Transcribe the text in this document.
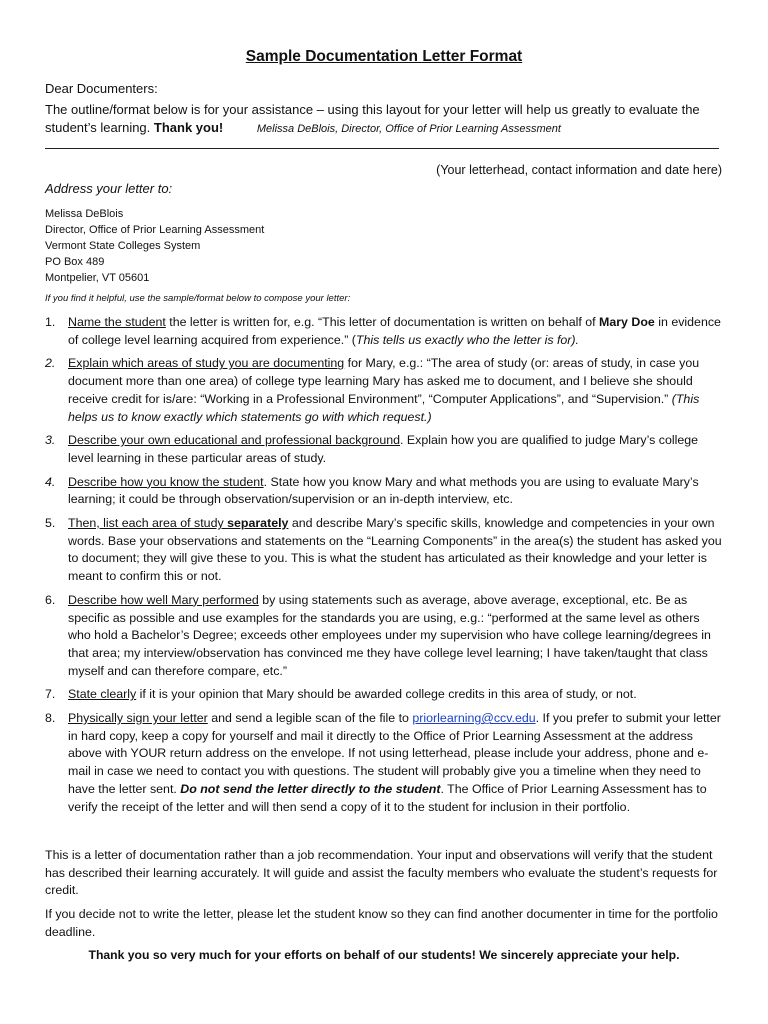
Sample Documentation Letter Format
Dear Documenters:
The outline/format below is for your assistance – using this layout for your letter will help us greatly to evaluate the student’s learning. Thank you!	Melissa DeBlois, Director, Office of Prior Learning Assessment
(Your letterhead, contact information and date here)
Address your letter to:
Melissa DeBlois
Director, Office of Prior Learning Assessment
Vermont State Colleges System
PO Box 489
Montpelier, VT 05601
If you find it helpful, use the sample/format below to compose your letter:
1. Name the student the letter is written for, e.g. “This letter of documentation is written on behalf of Mary Doe in evidence of college level learning acquired from experience.” (This tells us exactly who the letter is for).
2. Explain which areas of study you are documenting for Mary, e.g.: “The area of study (or: areas of study, in case you document more than one area) of college type learning Mary has asked me to document, and I believe she should receive credit for is/are: “Working in a Professional Environment”, “Computer Applications”, and “Supervision.” (This helps us to know exactly which statements go with which request.)
3. Describe your own educational and professional background. Explain how you are qualified to judge Mary’s college level learning in these particular areas of study.
4. Describe how you know the student. State how you know Mary and what methods you are using to evaluate Mary’s learning; it could be through observation/supervision or an in-depth interview, etc.
5. Then, list each area of study separately and describe Mary’s specific skills, knowledge and competencies in your own words. Base your observations and statements on the “Learning Components” in the area(s) the student has asked you to document; they will give these to you. This is what the student has articulated as their knowledge and your letter is meant to confirm this or not.
6. Describe how well Mary performed by using statements such as average, above average, exceptional, etc. Be as specific as possible and use examples for the standards you are using, e.g.: “performed at the same level as others who hold a Bachelor’s Degree; exceeds other employees under my supervision who have college learning/degrees in that area; my interview/observation has convinced me they have college level learning; I have taken/taught that class myself and can therefore compare, etc.”
7. State clearly if it is your opinion that Mary should be awarded college credits in this area of study, or not.
8. Physically sign your letter and send a legible scan of the file to priorlearning@ccv.edu. If you prefer to submit your letter in hard copy, keep a copy for yourself and mail it directly to the Office of Prior Learning Assessment at the address above with YOUR return address on the envelope. If not using letterhead, please include your address, phone and e-mail in case we need to contact you with questions. The student will probably give you a timeline when they need to have the letter sent. Do not send the letter directly to the student. The Office of Prior Learning Assessment has to verify the receipt of the letter and will then send a copy of it to the student for inclusion in their portfolio.
This is a letter of documentation rather than a job recommendation. Your input and observations will verify that the student has described their learning accurately. It will guide and assist the faculty members who evaluate the student’s requests for credit.
If you decide not to write the letter, please let the student know so they can find another documenter in time for the portfolio deadline.
Thank you so very much for your efforts on behalf of our students! We sincerely appreciate your help.
